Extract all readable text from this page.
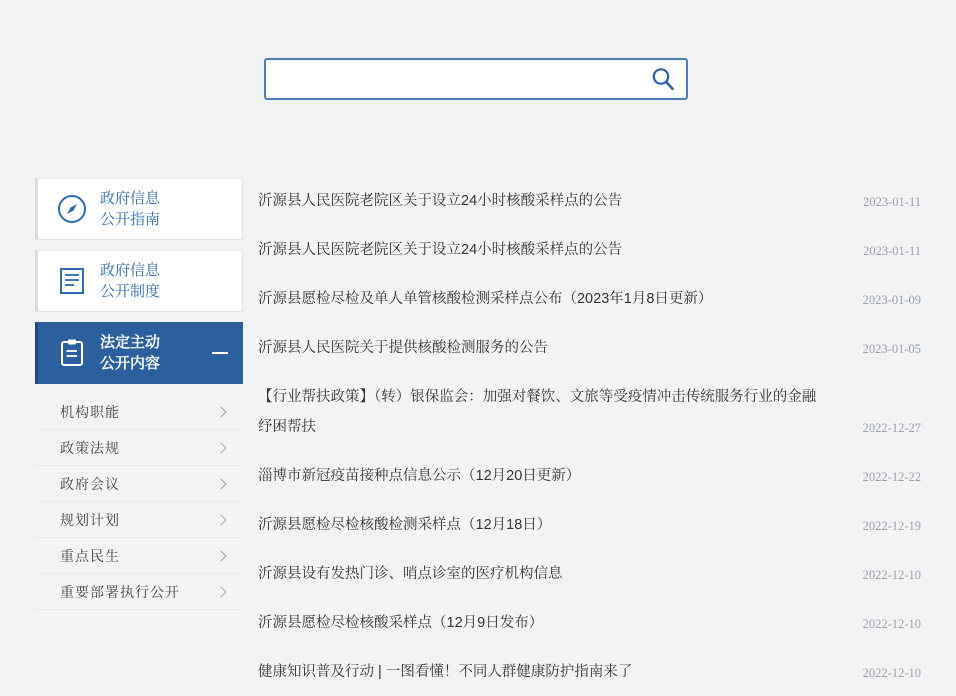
政府信息
公开指南
政府信息
公开制度
法定主动
公开内容
机构职能
政策法规
政府会议
规划计划
重点民生
重要部署执行公开
沂源县人民医院老院区关于设立24小时核酸采样点的公告	2023-01-11
沂源县人民医院老院区关于设立24小时核酸采样点的公告	2023-01-11
沂源县愿检尽检及单人单管核酸检测采样点公布（2023年1月8日更新）	2023-01-09
沂源县人民医院关于提供核酸检测服务的公告	2023-01-05
【行业帮扶政策】（转）银保监会：加强对餐饮、文旅等受疫情冲击传统服务行业的金融纾困帮扶	2022-12-27
淄博市新冠疫苗接种点信息公示（12月20日更新）	2022-12-22
沂源县愿检尽检核酸检测采样点（12月18日）	2022-12-19
沂源县设有发热门诊、哨点诊室的医疗机构信息	2022-12-10
沂源县愿检尽检核酸采样点（12月9日发布）	2022-12-10
健康知识普及行动 | 一图看懂！不同人群健康防护指南来了	2022-12-10
